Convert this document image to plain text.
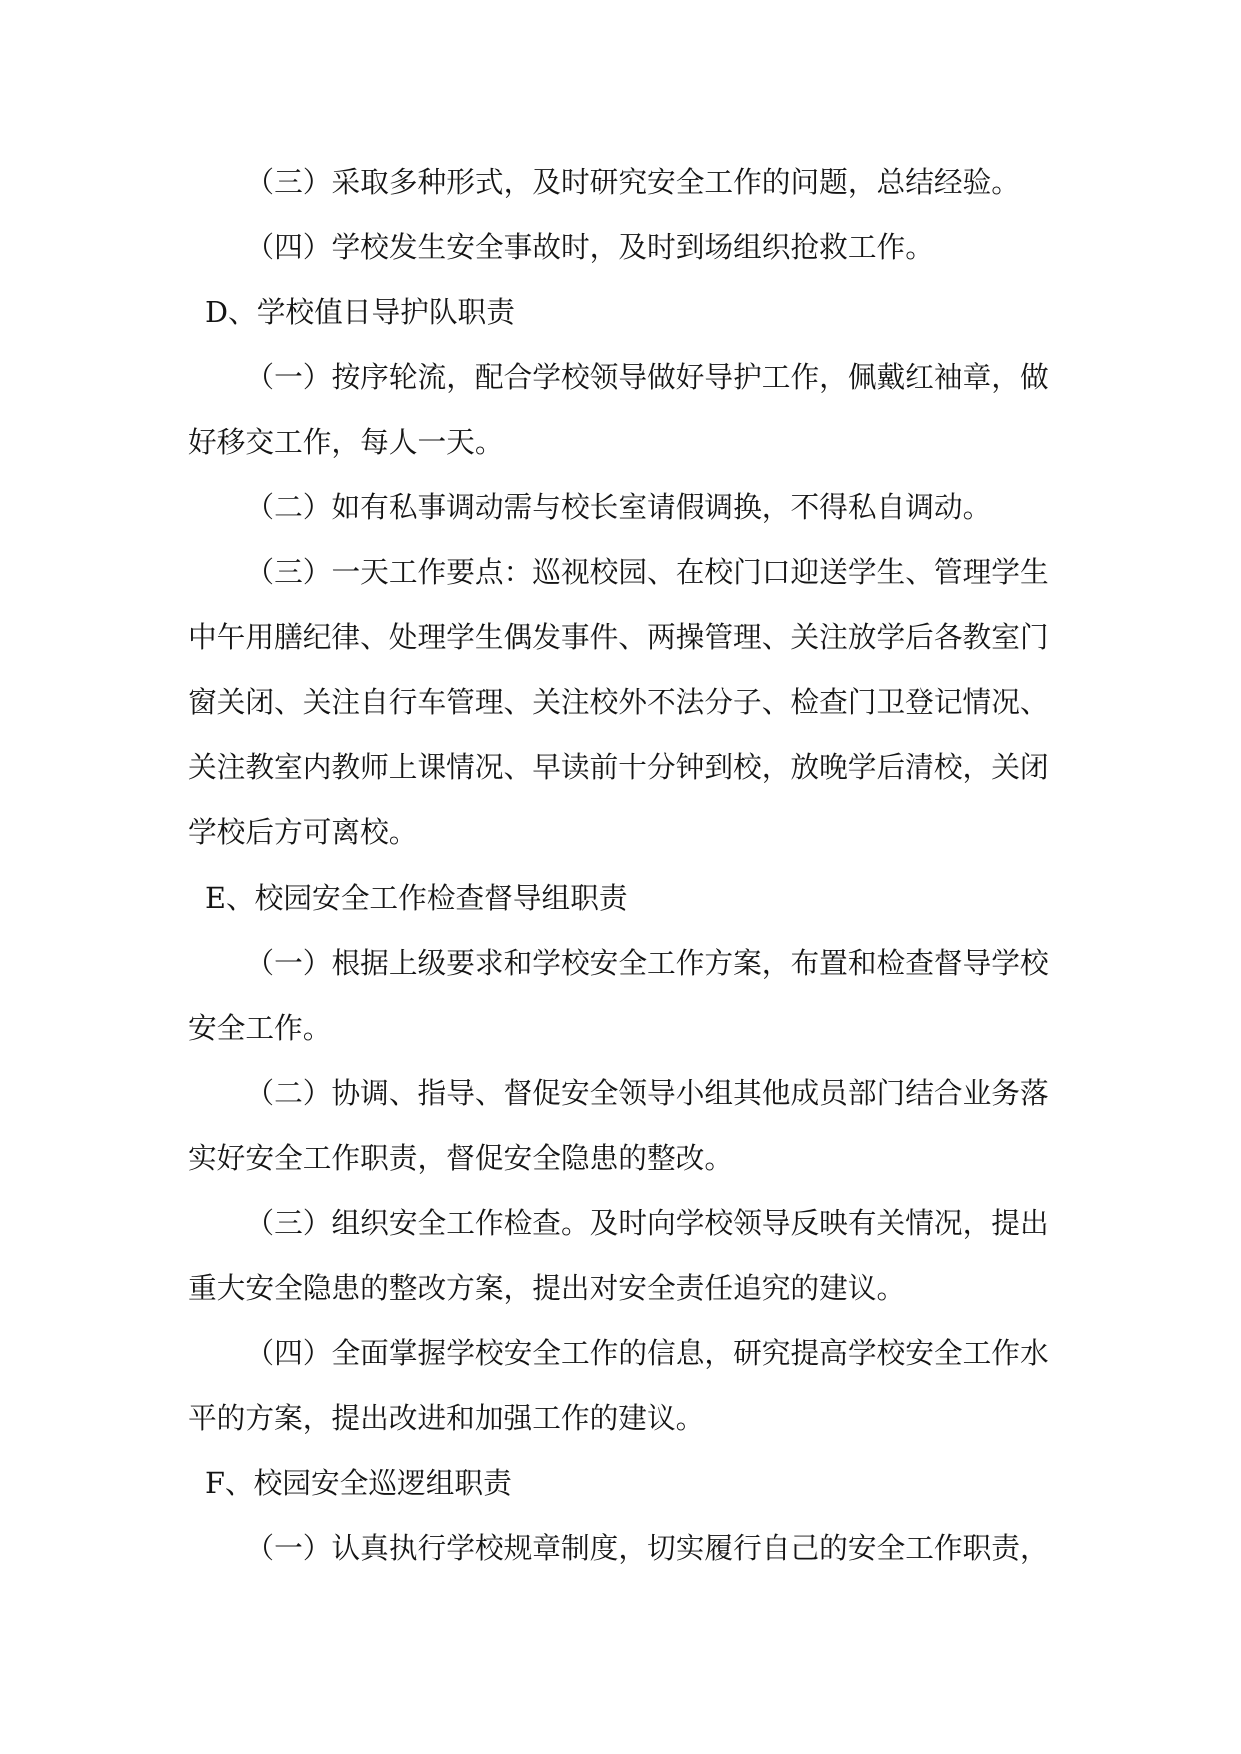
（三）采取多种形式，及时研究安全工作的问题，总结经验。
（四）学校发生安全事故时，及时到场组织抢救工作。
D、学校值日导护队职责
（一）按序轮流，配合学校领导做好导护工作，佩戴红袖章，做
好移交工作，每人一天。
（二）如有私事调动需与校长室请假调换，不得私自调动。
（三）一天工作要点：巡视校园、在校门口迎送学生、管理学生
中午用膳纪律、处理学生偶发事件、两操管理、关注放学后各教室门
窗关闭、关注自行车管理、关注校外不法分子、检查门卫登记情况、
关注教室内教师上课情况、早读前十分钟到校，放晚学后清校，关闭
学校后方可离校。
E、校园安全工作检查督导组职责
（一）根据上级要求和学校安全工作方案，布置和检查督导学校
安全工作。
（二）协调、指导、督促安全领导小组其他成员部门结合业务落
实好安全工作职责，督促安全隐患的整改。
（三）组织安全工作检查。及时向学校领导反映有关情况，提出
重大安全隐患的整改方案，提出对安全责任追究的建议。
（四）全面掌握学校安全工作的信息，研究提高学校安全工作水
平的方案，提出改进和加强工作的建议。
F、校园安全巡逻组职责
（一）认真执行学校规章制度，切实履行自己的安全工作职责，
